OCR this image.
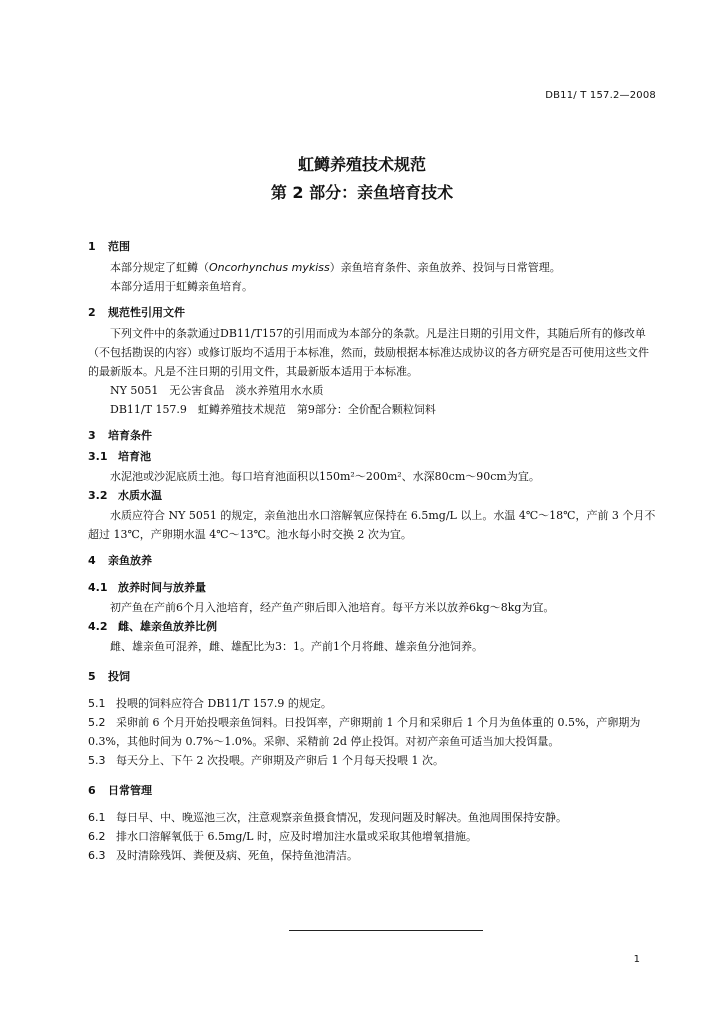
DB11/ T 157.2—2008
虹鳟养殖技术规范
第 2 部分：亲鱼培育技术
1 范围

本部分规定了虹鳟（Oncorhynchus mykiss）亲鱼培育条件、亲鱼放养、投饲与日常管理。

本部分适用于虹鳟亲鱼培育。

2 规范性引用文件

下列文件中的条款通过DB11/T157的引用而成为本部分的条款。凡是注日期的引用文件，其随后所有的修改单（不包括勘误的内容）或修订版均不适用于本标准，然而，鼓励根据本标准达成协议的各方研究是否可使用这些文件的最新版本。凡是不注日期的引用文件，其最新版本适用于本标准。

NY 5051　无公害食品　淡水养殖用水水质

DB11/T 157.9　虹鳟养殖技术规范　第9部分：全价配合颗粒饲料

3 培育条件
3.1 培育池

水泥池或沙泥底质土池。每口培育池面积以150m²～200m²、水深80cm～90cm为宜。

3.2 水质水温

水质应符合 NY 5051 的规定，亲鱼池出水口溶解氧应保持在 6.5mg/L 以上。水温 4℃～18℃，产前 3 个月不超过 13℃，产卵期水温 4℃～13℃。池水每小时交换 2 次为宜。

4 亲鱼放养
4.1 放养时间与放养量

初产鱼在产前6个月入池培育，经产鱼产卵后即入池培育。每平方米以放养6kg～8kg为宜。

4.2 雌、雄亲鱼放养比例

雌、雄亲鱼可混养，雌、雄配比为3：1。产前1个月将雌、雄亲鱼分池饲养。

5 投饲

5.1 投喂的饲料应符合 DB11/T 157.9 的规定。

5.2 采卵前 6 个月开始投喂亲鱼饲料。日投饵率，产卵期前 1 个月和采卵后 1 个月为鱼体重的 0.5%，产卵期为 0.3%，其他时间为 0.7%～1.0%。采卵、采精前 2d 停止投饵。对初产亲鱼可适当加大投饵量。

5.3 每天分上、下午 2 次投喂。产卵期及产卵后 1 个月每天投喂 1 次。

6 日常管理

6.1 每日早、中、晚巡池三次，注意观察亲鱼摄食情况，发现问题及时解决。鱼池周围保持安静。

6.2 排水口溶解氧低于 6.5mg/L 时，应及时增加注水量或采取其他增氧措施。

6.3 及时清除残饵、粪便及病、死鱼，保持鱼池清洁。

1
